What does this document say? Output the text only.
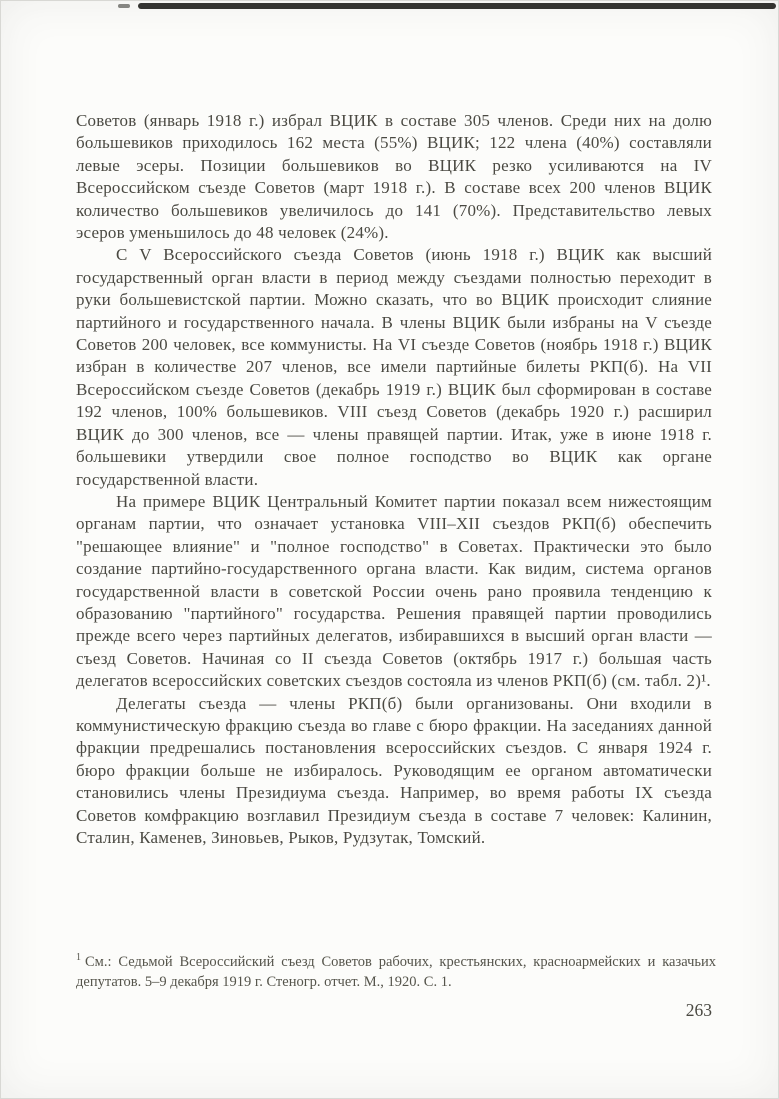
Советов (январь 1918 г.) избрал ВЦИК в составе 305 членов. Среди них на долю большевиков приходилось 162 места (55%) ВЦИК; 122 члена (40%) составляли левые эсеры. Позиции большевиков во ВЦИК резко усиливаются на IV Всероссийском съезде Советов (март 1918 г.). В составе всех 200 членов ВЦИК количество большевиков увеличилось до 141 (70%). Представительство левых эсеров уменьшилось до 48 человек (24%).

С V Всероссийского съезда Советов (июнь 1918 г.) ВЦИК как высший государственный орган власти в период между съездами полностью переходит в руки большевистской партии. Можно сказать, что во ВЦИК происходит слияние партийного и государственного начала. В члены ВЦИК были избраны на V съезде Советов 200 человек, все коммунисты. На VI съезде Советов (ноябрь 1918 г.) ВЦИК избран в количестве 207 членов, все имели партийные билеты РКП(б). На VII Всероссийском съезде Советов (декабрь 1919 г.) ВЦИК был сформирован в составе 192 членов, 100% большевиков. VIII съезд Советов (декабрь 1920 г.) расширил ВЦИК до 300 членов, все — члены правящей партии. Итак, уже в июне 1918 г. большевики утвердили свое полное господство во ВЦИК как органе государственной власти.

На примере ВЦИК Центральный Комитет партии показал всем нижестоящим органам партии, что означает установка VIII–XII съездов РКП(б) обеспечить "решающее влияние" и "полное господство" в Советах. Практически это было создание партийно-государственного органа власти. Как видим, система органов государственной власти в советской России очень рано проявила тенденцию к образованию "партийного" государства. Решения правящей партии проводились прежде всего через партийных делегатов, избиравшихся в высший орган власти — съезд Советов. Начиная со II съезда Советов (октябрь 1917 г.) большая часть делегатов всероссийских советских съездов состояла из членов РКП(б) (см. табл. 2)¹.

Делегаты съезда — члены РКП(б) были организованы. Они входили в коммунистическую фракцию съезда во главе с бюро фракции. На заседаниях данной фракции предрешались постановления всероссийских съездов. С января 1924 г. бюро фракции больше не избиралось. Руководящим ее органом автоматически становились члены Президиума съезда. Например, во время работы IX съезда Советов комфракцию возглавил Президиум съезда в составе 7 человек: Калинин, Сталин, Каменев, Зиновьев, Рыков, Рудзутак, Томский.

$^1$ См.: Седьмой Всероссийский съезд Советов рабочих, крестьянских, красноармейских и казачьих депутатов. 5–9 декабря 1919 г. Стеногр. отчет. М., 1920. С. 1.
263
